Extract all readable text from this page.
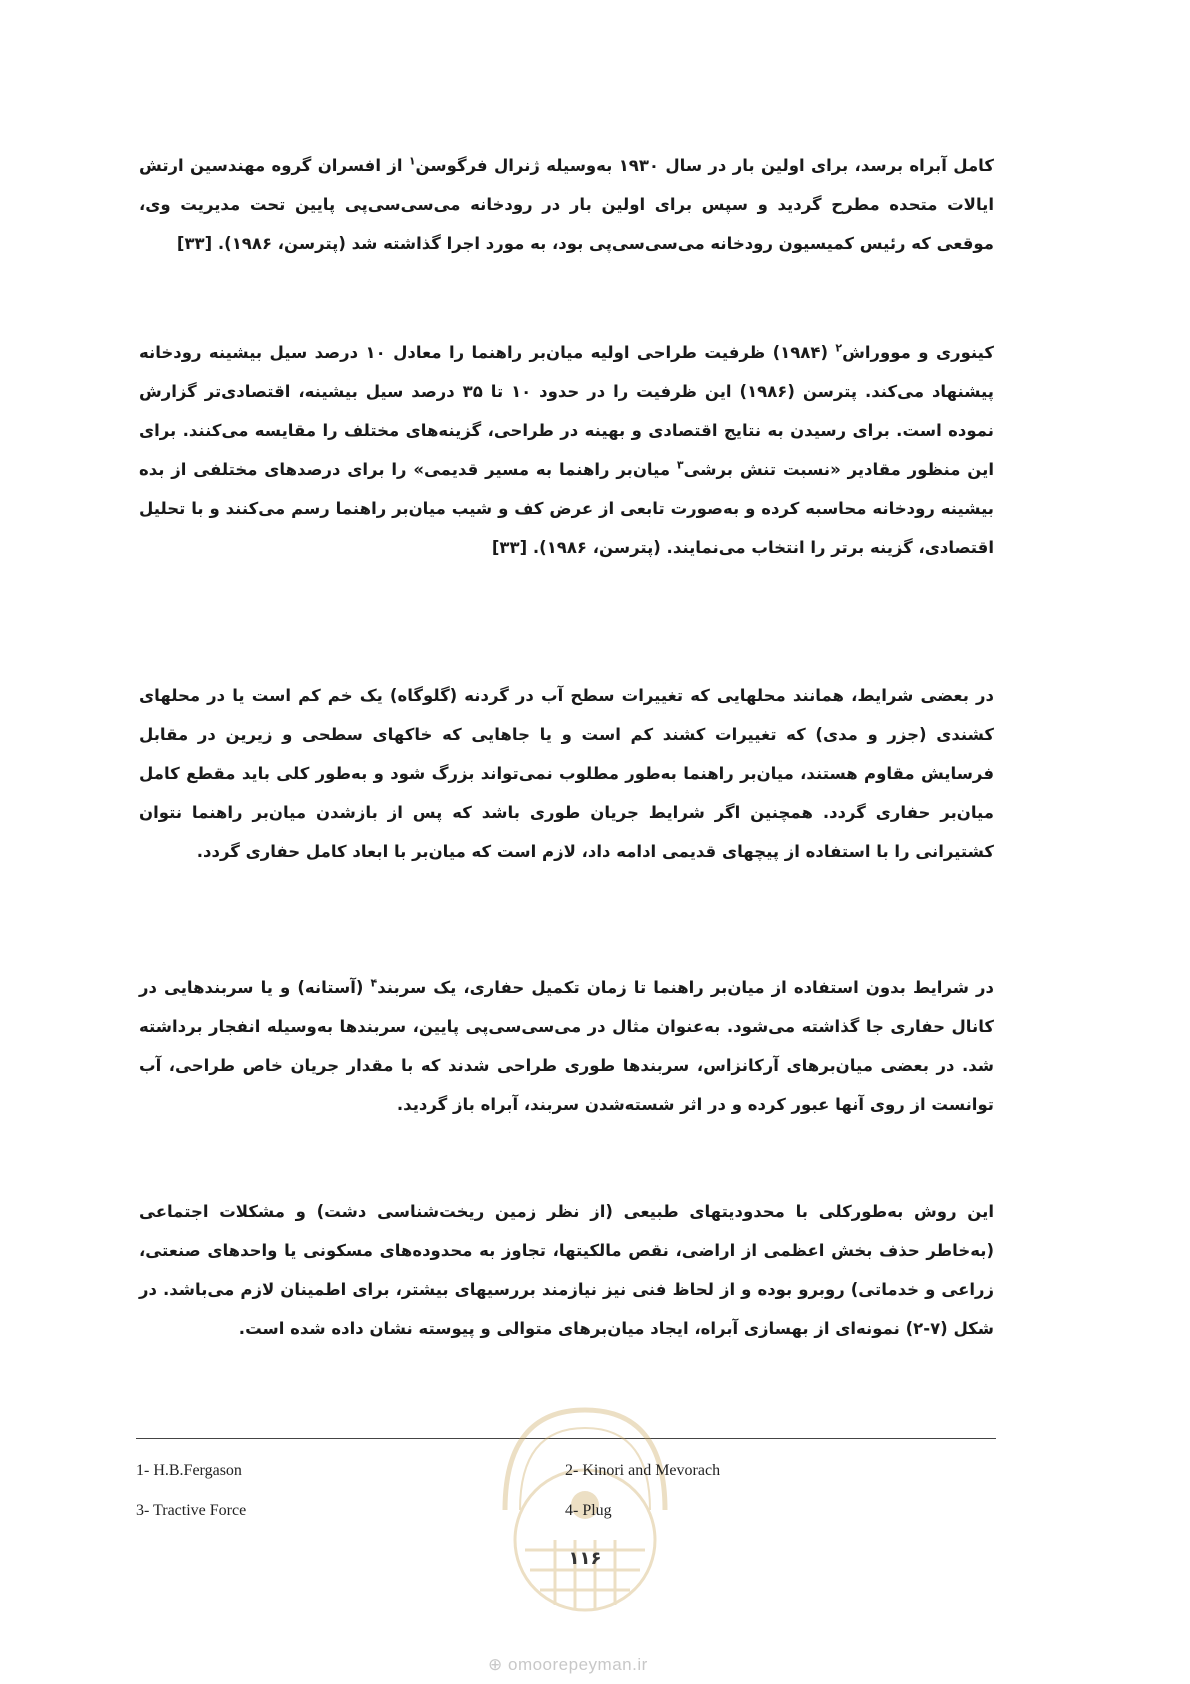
کامل آبراه برسد، برای اولین بار در سال ۱۹۳۰ به‌وسیله ژنرال فرگوسن$^۱$ از افسران گروه مهندسین ارتش ایالات متحده مطرح گردید و سپس برای اولین بار در رودخانه می‌سی‌سی‌پی پایین تحت مدیریت وی، موقعی که رئیس کمیسیون رودخانه می‌سی‌سی‌پی بود، به مورد اجرا گذاشته شد (پترسن، ۱۹۸۶). [۳۳]

کینوری و مووراش$^۲$ (۱۹۸۴) ظرفیت طراحی اولیه میان‌بر راهنما را معادل ۱۰ درصد سیل بیشینه رودخانه پیشنهاد می‌کند. پترسن (۱۹۸۶) این ظرفیت را در حدود ۱۰ تا ۳۵ درصد سیل بیشینه، اقتصادی‌تر گزارش نموده است. برای رسیدن به نتایج اقتصادی و بهینه در طراحی، گزینه‌های مختلف را مقایسه می‌کنند. برای این منظور مقادیر «نسبت تنش برشی$^۳$ میان‌بر راهنما به مسیر قدیمی» را برای درصدهای مختلفی از بده بیشینه رودخانه محاسبه کرده و به‌صورت تابعی از عرض کف و شیب میان‌بر راهنما رسم می‌کنند و با تحلیل اقتصادی، گزینه برتر را انتخاب می‌نمایند. (پترسن، ۱۹۸۶). [۳۳]

در بعضی شرایط، همانند محلهایی که تغییرات سطح آب در گردنه (گلوگاه) یک خم کم است یا در محلهای کشندی (جزر و مدی) که تغییرات کشند کم است و یا جاهایی که خاکهای سطحی و زیرین در مقابل فرسایش مقاوم هستند، میان‌بر راهنما به‌طور مطلوب نمی‌تواند بزرگ شود و به‌طور کلی باید مقطع کامل میان‌بر حفاری گردد. همچنین اگر شرایط جریان طوری باشد که پس از بازشدن میان‌بر راهنما نتوان کشتیرانی را با استفاده از پیچهای قدیمی ادامه داد، لازم است که میان‌بر با ابعاد کامل حفاری گردد.

در شرایط بدون استفاده از میان‌بر راهنما تا زمان تکمیل حفاری، یک سربند$^۴$ (آستانه) و یا سربندهایی در کانال حفاری جا گذاشته می‌شود. به‌عنوان مثال در می‌سی‌سی‌پی پایین، سربندها به‌وسیله انفجار برداشته شد. در بعضی میان‌برهای آرکانزاس، سربندها طوری طراحی شدند که با مقدار جریان خاص طراحی، آب توانست از روی آنها عبور کرده و در اثر شسته‌شدن سربند، آبراه باز گردید.

این روش به‌طورکلی با محدودیتهای طبیعی (از نظر زمین ریخت‌شناسی دشت) و مشکلات اجتماعی (به‌خاطر حذف بخش اعظمی از اراضی، نقص مالکیتها، تجاوز به محدوده‌های مسکونی یا واحدهای صنعتی، زراعی و خدماتی) روبرو بوده و از لحاظ فنی نیز نیازمند بررسیهای بیشتر، برای اطمینان لازم می‌باشد. در شکل (۷-۲) نمونه‌ای از بهسازی آبراه، ایجاد میان‌برهای متوالی و پیوسته نشان داده شده است.

1- H.B.Fergason	2- Kinori and Mevorach
3- Tractive Force	4- Plug
۱۱۶
⊕ omoorepeyman.ir
